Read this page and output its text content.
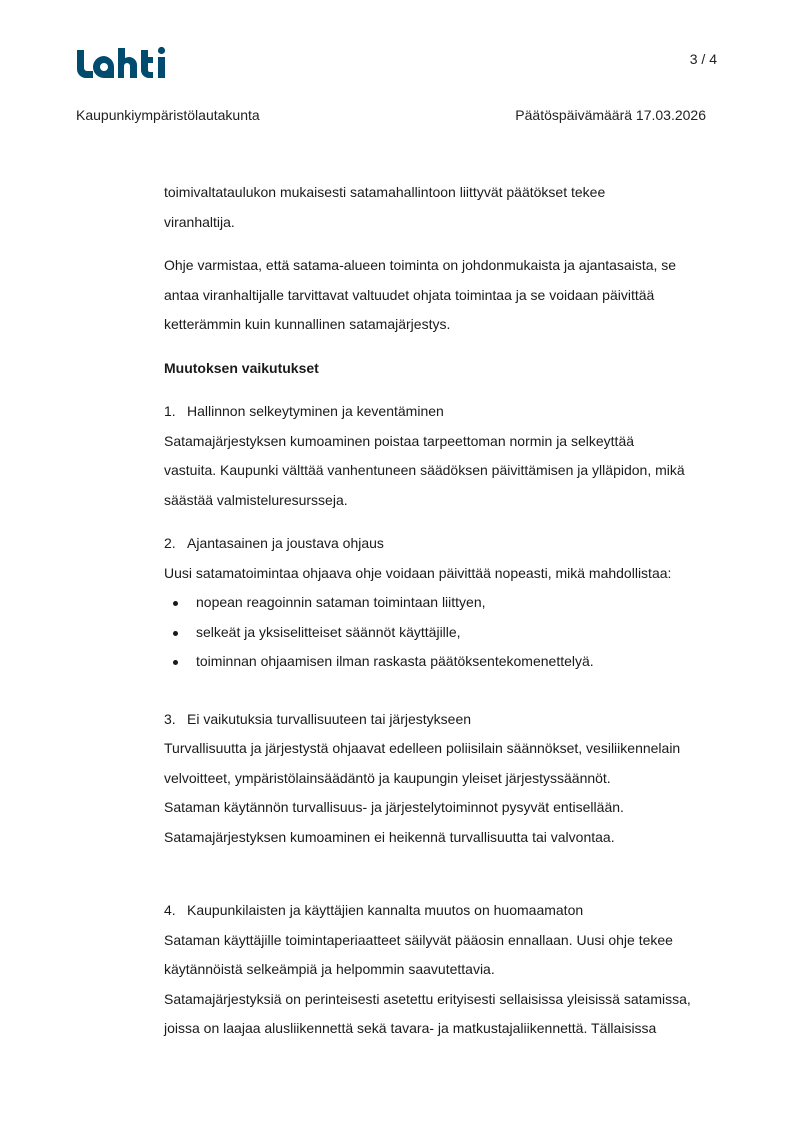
3 / 4
Kaupunkiympäristölautakunta	Päätöspäivämäärä 17.03.2026

toimivaltataulukon mukaisesti satamahallintoon liittyvät päätökset tekee

viranhaltija.

Ohje varmistaa, että satama-alueen toiminta on johdonmukaista ja ajantasaista, se

antaa viranhaltijalle tarvittavat valtuudet ohjata toimintaa ja se voidaan päivittää

ketterämmin kuin kunnallinen satamajärjestys.

Muutoksen vaikutukset

1. Hallinnon selkeytyminen ja keventäminen

Satamajärjestyksen kumoaminen poistaa tarpeettoman normin ja selkeyttää

vastuita. Kaupunki välttää vanhentuneen säädöksen päivittämisen ja ylläpidon, mikä

säästää valmisteluresursseja.

2. Ajantasainen ja joustava ohjaus

Uusi satamatoimintaa ohjaava ohje voidaan päivittää nopeasti, mikä mahdollistaa:

nopean reagoinnin sataman toimintaan liittyen,
selkeät ja yksiselitteiset säännöt käyttäjille,
toiminnan ohjaamisen ilman raskasta päätöksentekomenettelyä.

3. Ei vaikutuksia turvallisuuteen tai järjestykseen

Turvallisuutta ja järjestystä ohjaavat edelleen poliisilain säännökset, vesiliikennelain

velvoitteet, ympäristölainsäädäntö ja kaupungin yleiset järjestyssäännöt.

Sataman käytännön turvallisuus- ja järjestelytoiminnot pysyvät entisellään.

Satamajärjestyksen kumoaminen ei heikennä turvallisuutta tai valvontaa.

4. Kaupunkilaisten ja käyttäjien kannalta muutos on huomaamaton

Sataman käyttäjille toimintaperiaatteet säilyvät pääosin ennallaan. Uusi ohje tekee

käytännöistä selkeämpiä ja helpommin saavutettavia.

Satamajärjestyksiä on perinteisesti asetettu erityisesti sellaisissa yleisissä satamissa,

joissa on laajaa alusliikennettä sekä tavara- ja matkustajaliikennettä. Tällaisissa
